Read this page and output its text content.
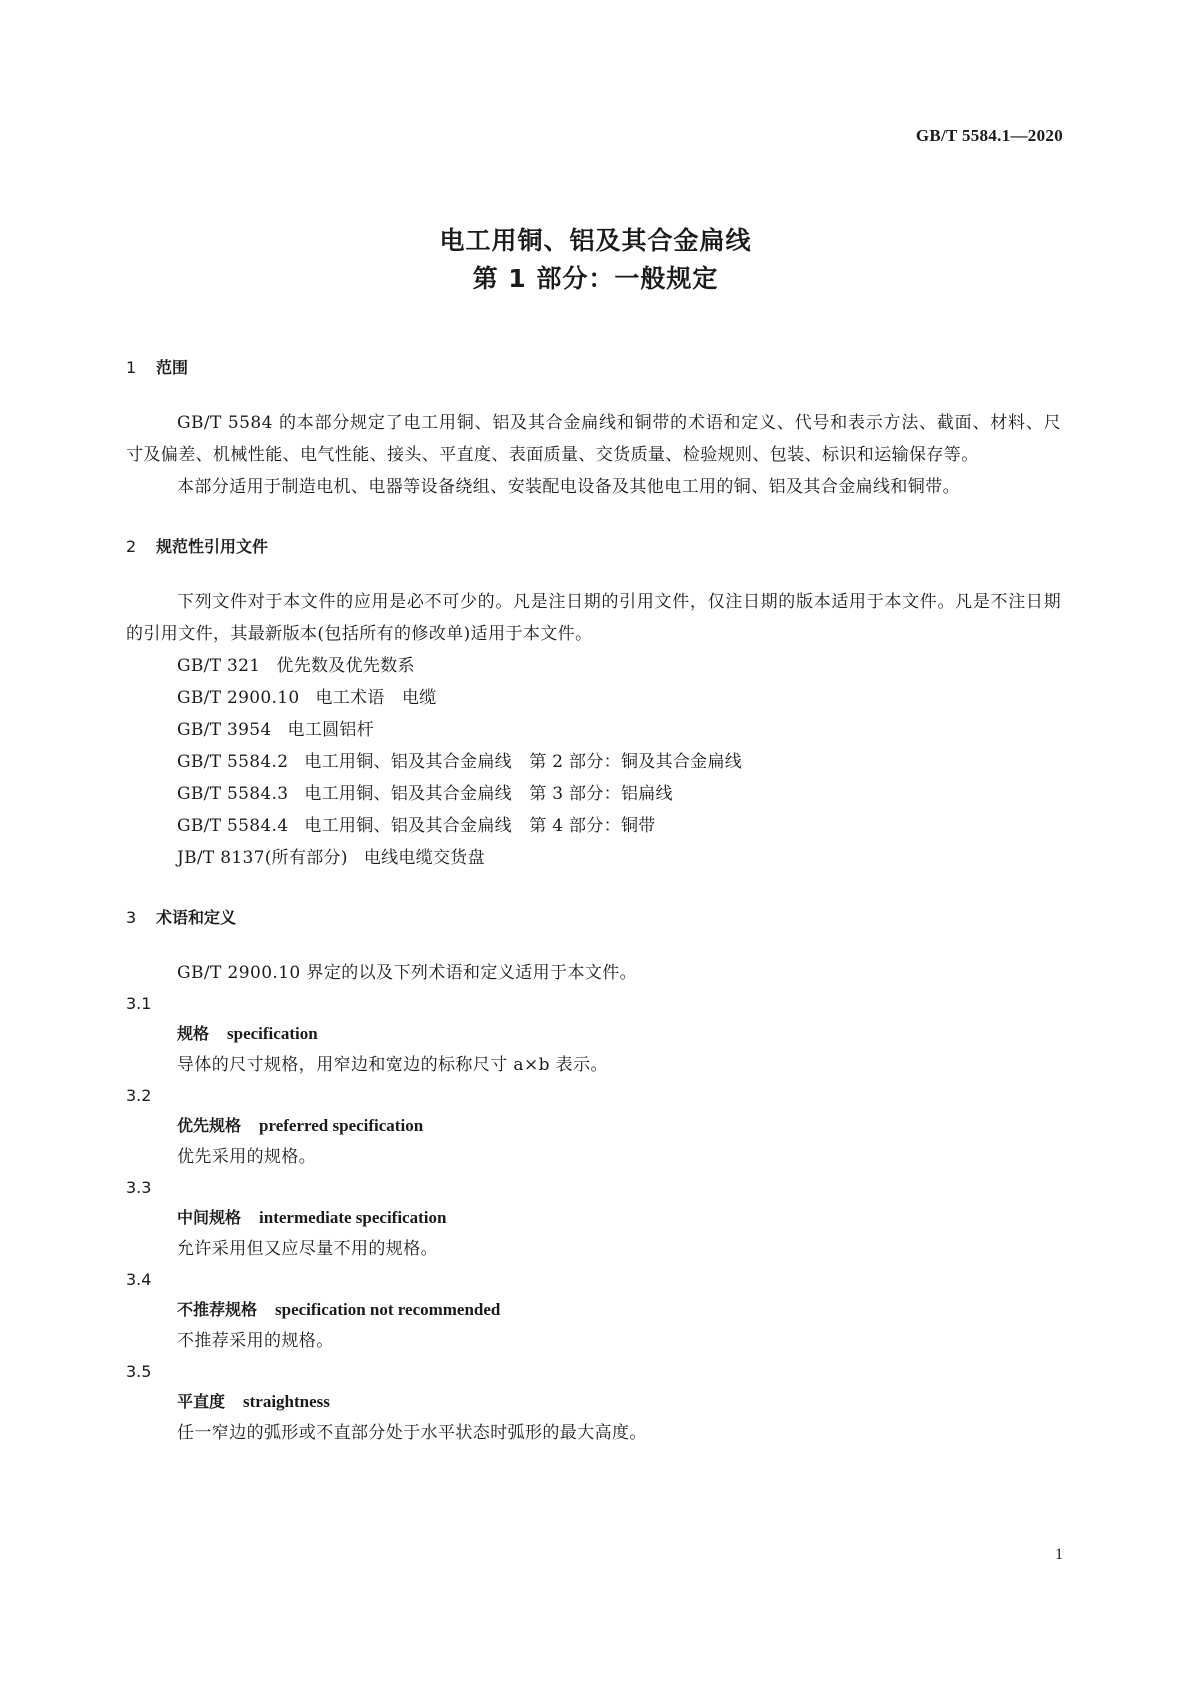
GB/T 5584.1—2020
电工用铜、铝及其合金扁线
第 1 部分：一般规定
1 范围

GB/T 5584 的本部分规定了电工用铜、铝及其合金扁线和铜带的术语和定义、代号和表示方法、截面、材料、尺寸及偏差、机械性能、电气性能、接头、平直度、表面质量、交货质量、检验规则、包装、标识和运输保存等。

本部分适用于制造电机、电器等设备绕组、安装配电设备及其他电工用的铜、铝及其合金扁线和铜带。

2 规范性引用文件

下列文件对于本文件的应用是必不可少的。凡是注日期的引用文件，仅注日期的版本适用于本文件。凡是不注日期的引用文件，其最新版本(包括所有的修改单)适用于本文件。

GB/T 321 优先数及优先数系
GB/T 2900.10 电工术语　电缆
GB/T 3954 电工圆铝杆
GB/T 5584.2 电工用铜、铝及其合金扁线　第 2 部分：铜及其合金扁线
GB/T 5584.3 电工用铜、铝及其合金扁线　第 3 部分：铝扁线
GB/T 5584.4 电工用铜、铝及其合金扁线　第 4 部分：铜带
JB/T 8137(所有部分) 电线电缆交货盘
3 术语和定义

GB/T 2900.10 界定的以及下列术语和定义适用于本文件。

3.1
规格 specification
导体的尺寸规格，用窄边和宽边的标称尺寸 a×b 表示。
3.2
优先规格 preferred specification
优先采用的规格。
3.3
中间规格 intermediate specification
允许采用但又应尽量不用的规格。
3.4
不推荐规格 specification not recommended
不推荐采用的规格。
3.5
平直度 straightness
任一窄边的弧形或不直部分处于水平状态时弧形的最大高度。
1
